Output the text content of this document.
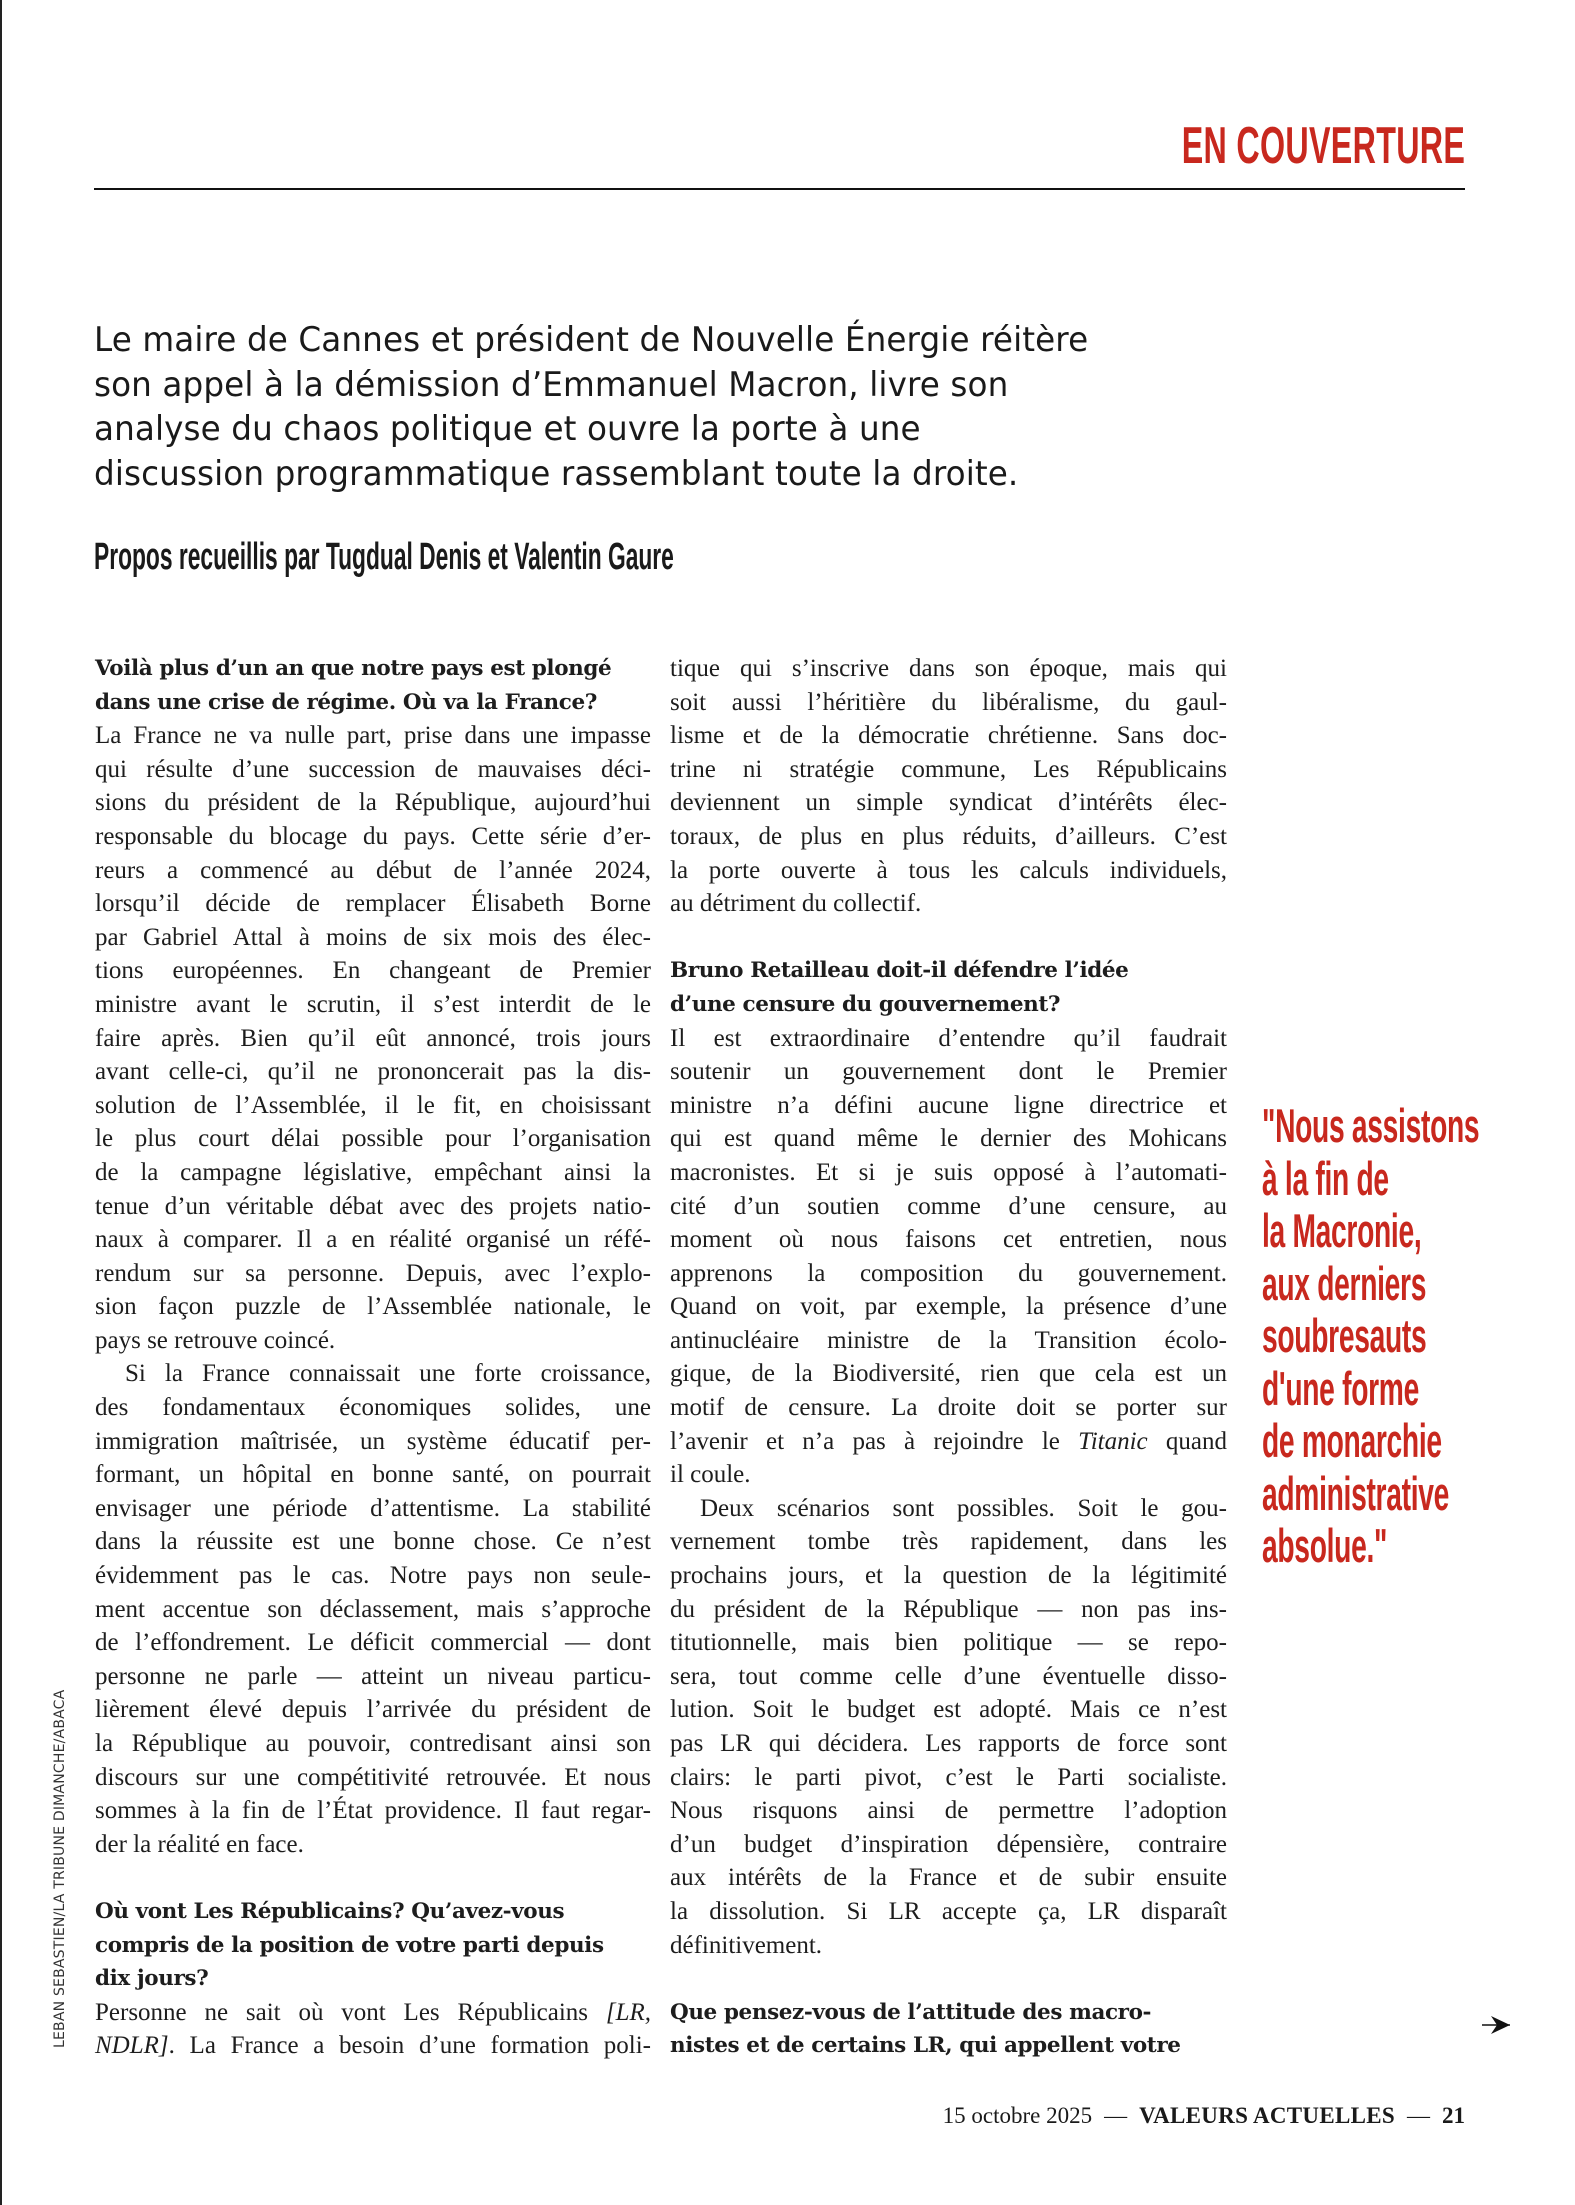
EN COUVERTURE
Le maire de Cannes et président de Nouvelle Énergie réitère
son appel à la démission d’Emmanuel Macron, livre son
analyse du chaos politique et ouvre la porte à une
discussion programmatique rassemblant toute la droite.
Propos recueillis par Tugdual Denis et Valentin Gaure
Voilà plus d’un an que notre pays est plongé
dans une crise de régime. Où va la France?
La France ne va nulle part, prise dans une impasse
qui résulte d’une succession de mauvaises déci-
sions du président de la République, aujourd’hui
responsable du blocage du pays. Cette série d’er-
reurs a commencé au début de l’année 2024,
lorsqu’il décide de remplacer Élisabeth Borne
par Gabriel Attal à moins de six mois des élec-
tions européennes. En changeant de Premier
ministre avant le scrutin, il s’est interdit de le
faire après. Bien qu’il eût annoncé, trois jours
avant celle-ci, qu’il ne prononcerait pas la dis-
solution de l’Assemblée, il le fit, en choisissant
le plus court délai possible pour l’organisation
de la campagne législative, empêchant ainsi la
tenue d’un véritable débat avec des projets natio-
naux à comparer. Il a en réalité organisé un réfé-
rendum sur sa personne. Depuis, avec l’explo-
sion façon puzzle de l’Assemblée nationale, le
pays se retrouve coincé.
Si la France connaissait une forte croissance,
des fondamentaux économiques solides, une
immigration maîtrisée, un système éducatif per-
formant, un hôpital en bonne santé, on pourrait
envisager une période d’attentisme. La stabilité
dans la réussite est une bonne chose. Ce n’est
évidemment pas le cas. Notre pays non seule-
ment accentue son déclassement, mais s’approche
de l’effondrement. Le déficit commercial — dont
personne ne parle — atteint un niveau particu-
lièrement élevé depuis l’arrivée du président de
la République au pouvoir, contredisant ainsi son
discours sur une compétitivité retrouvée. Et nous
sommes à la fin de l’État providence. Il faut regar-
der la réalité en face.
Où vont Les Républicains? Qu’avez-vous
compris de la position de votre parti depuis
dix jours?
Personne ne sait où vont Les Républicains [LR,
NDLR]. La France a besoin d’une formation poli-
tique qui s’inscrive dans son époque, mais qui
soit aussi l’héritière du libéralisme, du gaul-
lisme et de la démocratie chrétienne. Sans doc-
trine ni stratégie commune, Les Républicains
deviennent un simple syndicat d’intérêts élec-
toraux, de plus en plus réduits, d’ailleurs. C’est
la porte ouverte à tous les calculs individuels,
au détriment du collectif.
Bruno Retailleau doit-il défendre l’idée
d’une censure du gouvernement?
Il est extraordinaire d’entendre qu’il faudrait
soutenir un gouvernement dont le Premier
ministre n’a défini aucune ligne directrice et
qui est quand même le dernier des Mohicans
macronistes. Et si je suis opposé à l’automati-
cité d’un soutien comme d’une censure, au
moment où nous faisons cet entretien, nous
apprenons la composition du gouvernement.
Quand on voit, par exemple, la présence d’une
antinucléaire ministre de la Transition écolo-
gique, de la Biodiversité, rien que cela est un
motif de censure. La droite doit se porter sur
l’avenir et n’a pas à rejoindre le Titanic quand
il coule.
Deux scénarios sont possibles. Soit le gou-
vernement tombe très rapidement, dans les
prochains jours, et la question de la légitimité
du président de la République — non pas ins-
titutionnelle, mais bien politique — se repo-
sera, tout comme celle d’une éventuelle disso-
lution. Soit le budget est adopté. Mais ce n’est
pas LR qui décidera. Les rapports de force sont
clairs: le parti pivot, c’est le Parti socialiste.
Nous risquons ainsi de permettre l’adoption
d’un budget d’inspiration dépensière, contraire
aux intérêts de la France et de subir ensuite
la dissolution. Si LR accepte ça, LR disparaît
définitivement.
Que pensez-vous de l’attitude des macro-
nistes et de certains LR, qui appellent votre
"Nous assistons
à la fin de
la Macronie,
aux derniers
soubresauts
d'une forme
de monarchie
administrative
absolue."
LEBAN SEBASTIEN/LA TRIBUNE DIMANCHE/ABACA
15 octobre 2025 — VALEURS ACTUELLES — 21
